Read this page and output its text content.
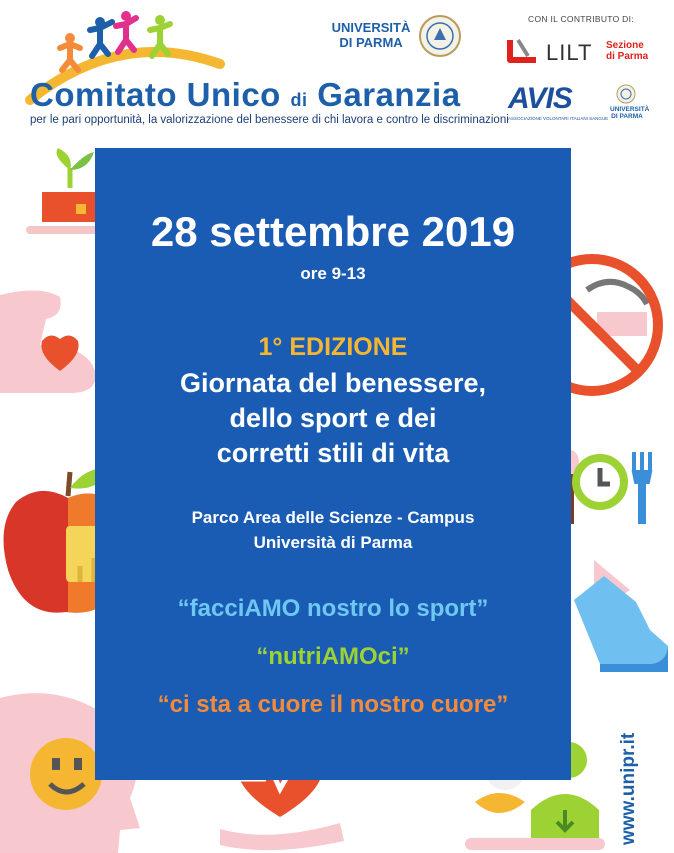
Comitato Unico di Garanzia
per le pari opportunità, la valorizzazione del benessere di chi lavora e contro le discriminazioni
UNIVERSITÀ
DI PARMA
CON IL CONTRIBUTO DI:
LILT Sezione
di Parma
AVIS
ASSOCIAZIONE VOLONTARI ITALIANI SANGUE
UNIVERSITÀ
DI PARMA
28 settembre 2019
ore 9-13
1° EDIZIONE
Giornata del benessere,
dello sport e dei
corretti stili di vita
Parco Area delle Scienze - Campus
Università di Parma
“facciAMO nostro lo sport”
“nutriAMOci”
“ci sta a cuore il nostro cuore”
www.unipr.it
